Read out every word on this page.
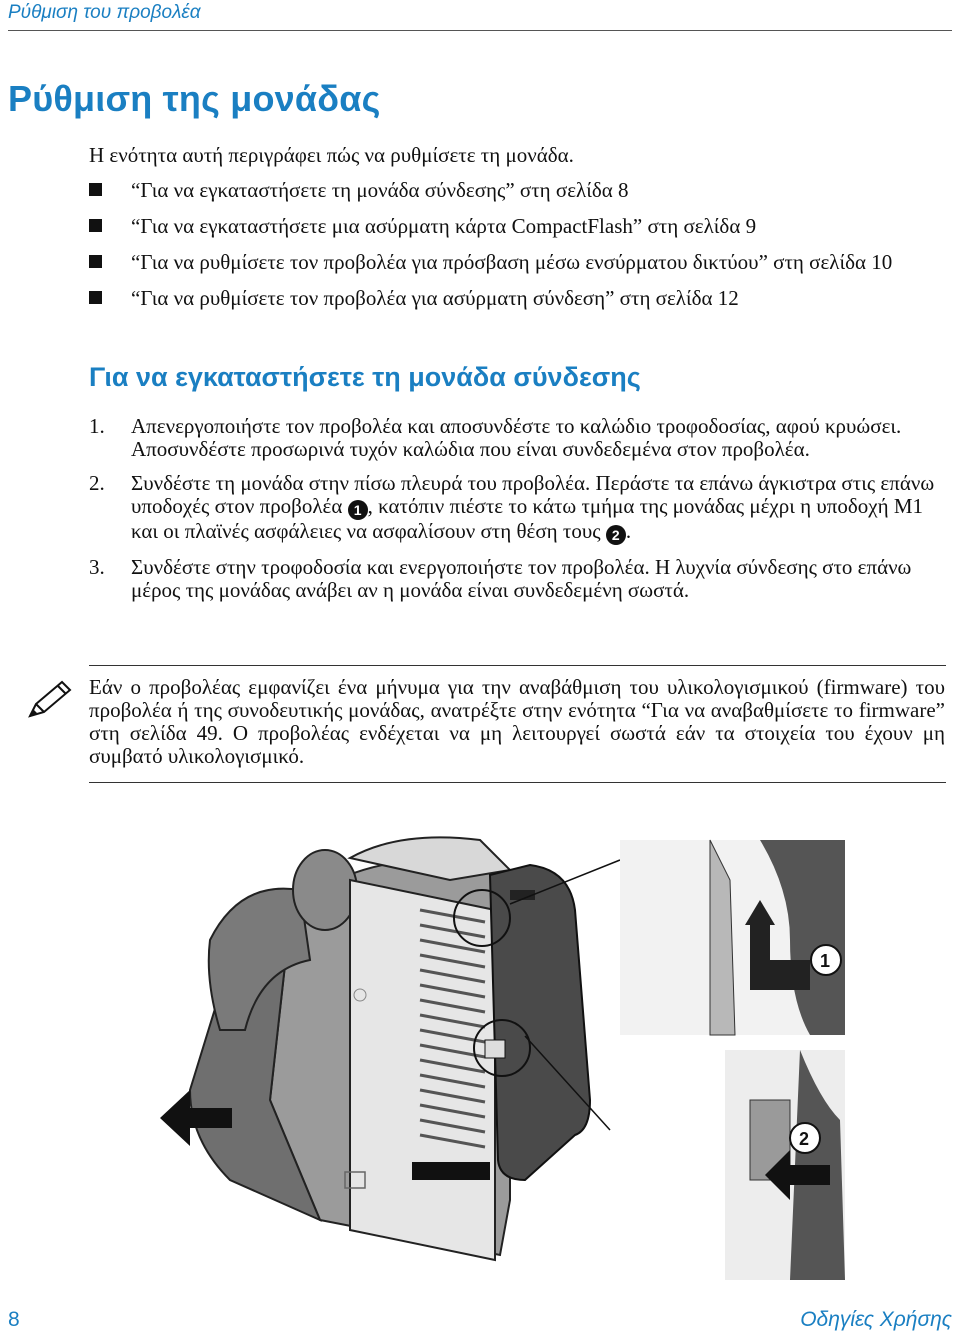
Ρύθμιση του προβολέα
Ρύθμιση της μονάδας
Η ενότητα αυτή περιγράφει πώς να ρυθμίσετε τη μονάδα.
“Για να εγκαταστήσετε τη μονάδα σύνδεσης” στη σελίδα 8
“Για να εγκαταστήσετε μια ασύρματη κάρτα CompactFlash” στη σελίδα 9
“Για να ρυθμίσετε τον προβολέα για πρόσβαση μέσω ενσύρματου δικτύου” στη σελίδα 10
“Για να ρυθμίσετε τον προβολέα για ασύρματη σύνδεση” στη σελίδα 12
Για να εγκαταστήσετε τη μονάδα σύνδεσης
1. Απενεργοποιήστε τον προβολέα και αποσυνδέστε το καλώδιο τροφοδοσίας, αφού κρυώσει. Αποσυνδέστε προσωρινά τυχόν καλώδια που είναι συνδεδεμένα στον προβολέα.
2. Συνδέστε τη μονάδα στην πίσω πλευρά του προβολέα. Περάστε τα επάνω άγκιστρα στις επάνω υποδοχές στον προβολέα 1 , κατόπιν πιέστε το κάτω τμήμα της μονάδας μέχρι η υποδοχή M1 και οι πλαϊνές ασφάλειες να ασφαλίσουν στη θέση τους 2 .
3. Συνδέστε στην τροφοδοσία και ενεργοποιήστε τον προβολέα. Η λυχνία σύνδεσης στο επάνω μέρος της μονάδας ανάβει αν η μονάδα είναι συνδεδεμένη σωστά.
Εάν ο προβολέας εμφανίζει ένα μήνυμα για την αναβάθμιση του υλικολογισμικού (firmware) του προβολέα ή της συνοδευτικής μονάδας, ανατρέξτε στην ενότητα “Για να αναβαθμίσετε το firmware” στη σελίδα 49. Ο προβολέας ενδέχεται να μη λειτουργεί σωστά εάν τα στοιχεία του έχουν μη συμβατό υλικολογισμικό.
1
2
8	Οδηγίες Χρήσης
